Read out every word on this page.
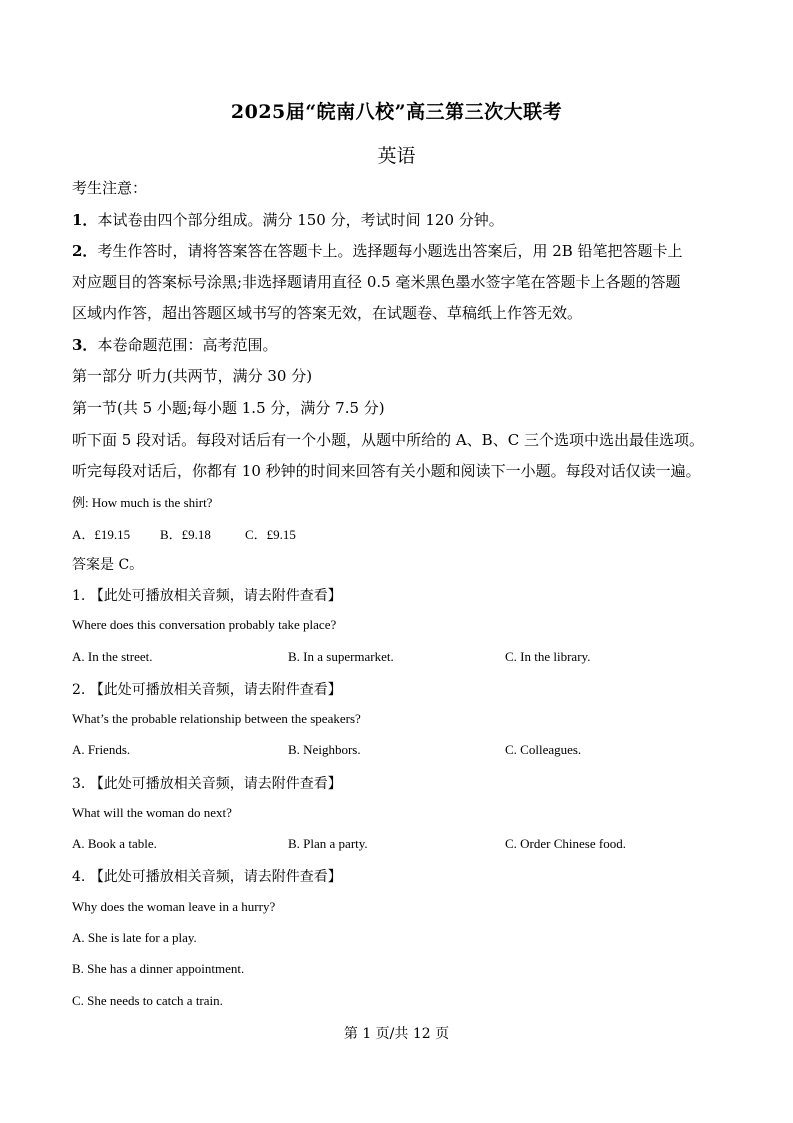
2025届“皖南八校”高三第三次大联考
英语
考生注意：
1．本试卷由四个部分组成。满分 150 分，考试时间 120 分钟。
2．考生作答时，请将答案答在答题卡上。选择题每小题选出答案后，用 2B 铅笔把答题卡上
对应题目的答案标号涂黑;非选择题请用直径 0.5 毫米黑色墨水签字笔在答题卡上各题的答题
区域内作答，超出答题区域书写的答案无效，在试题卷、草稿纸上作答无效。
3．本卷命题范围：高考范围。
第一部分 听力(共两节，满分 30 分)
第一节(共 5 小题;每小题 1.5 分，满分 7.5 分)
听下面 5 段对话。每段对话后有一个小题，从题中所给的 A、B、C 三个选项中选出最佳选项。
听完每段对话后，你都有 10 秒钟的时间来回答有关小题和阅读下一小题。每段对话仅读一遍。
例: How much is the shirt?
A．£19.15 B．£9.18	C．£9.15
答案是 C。
1. 【此处可播放相关音频，请去附件查看】
Where does this conversation probably take place?
A. In the street.	B. In a supermarket.	C. In the library.
2. 【此处可播放相关音频，请去附件查看】
What’s the probable relationship between the speakers?
A. Friends.	B. Neighbors.	C. Colleagues.
3. 【此处可播放相关音频，请去附件查看】
What will the woman do next?
A. Book a table.	B. Plan a party.	C. Order Chinese food.
4. 【此处可播放相关音频，请去附件查看】
Why does the woman leave in a hurry?
A. She is late for a play.
B. She has a dinner appointment.
C. She needs to catch a train.
第 1 页/共 12 页
